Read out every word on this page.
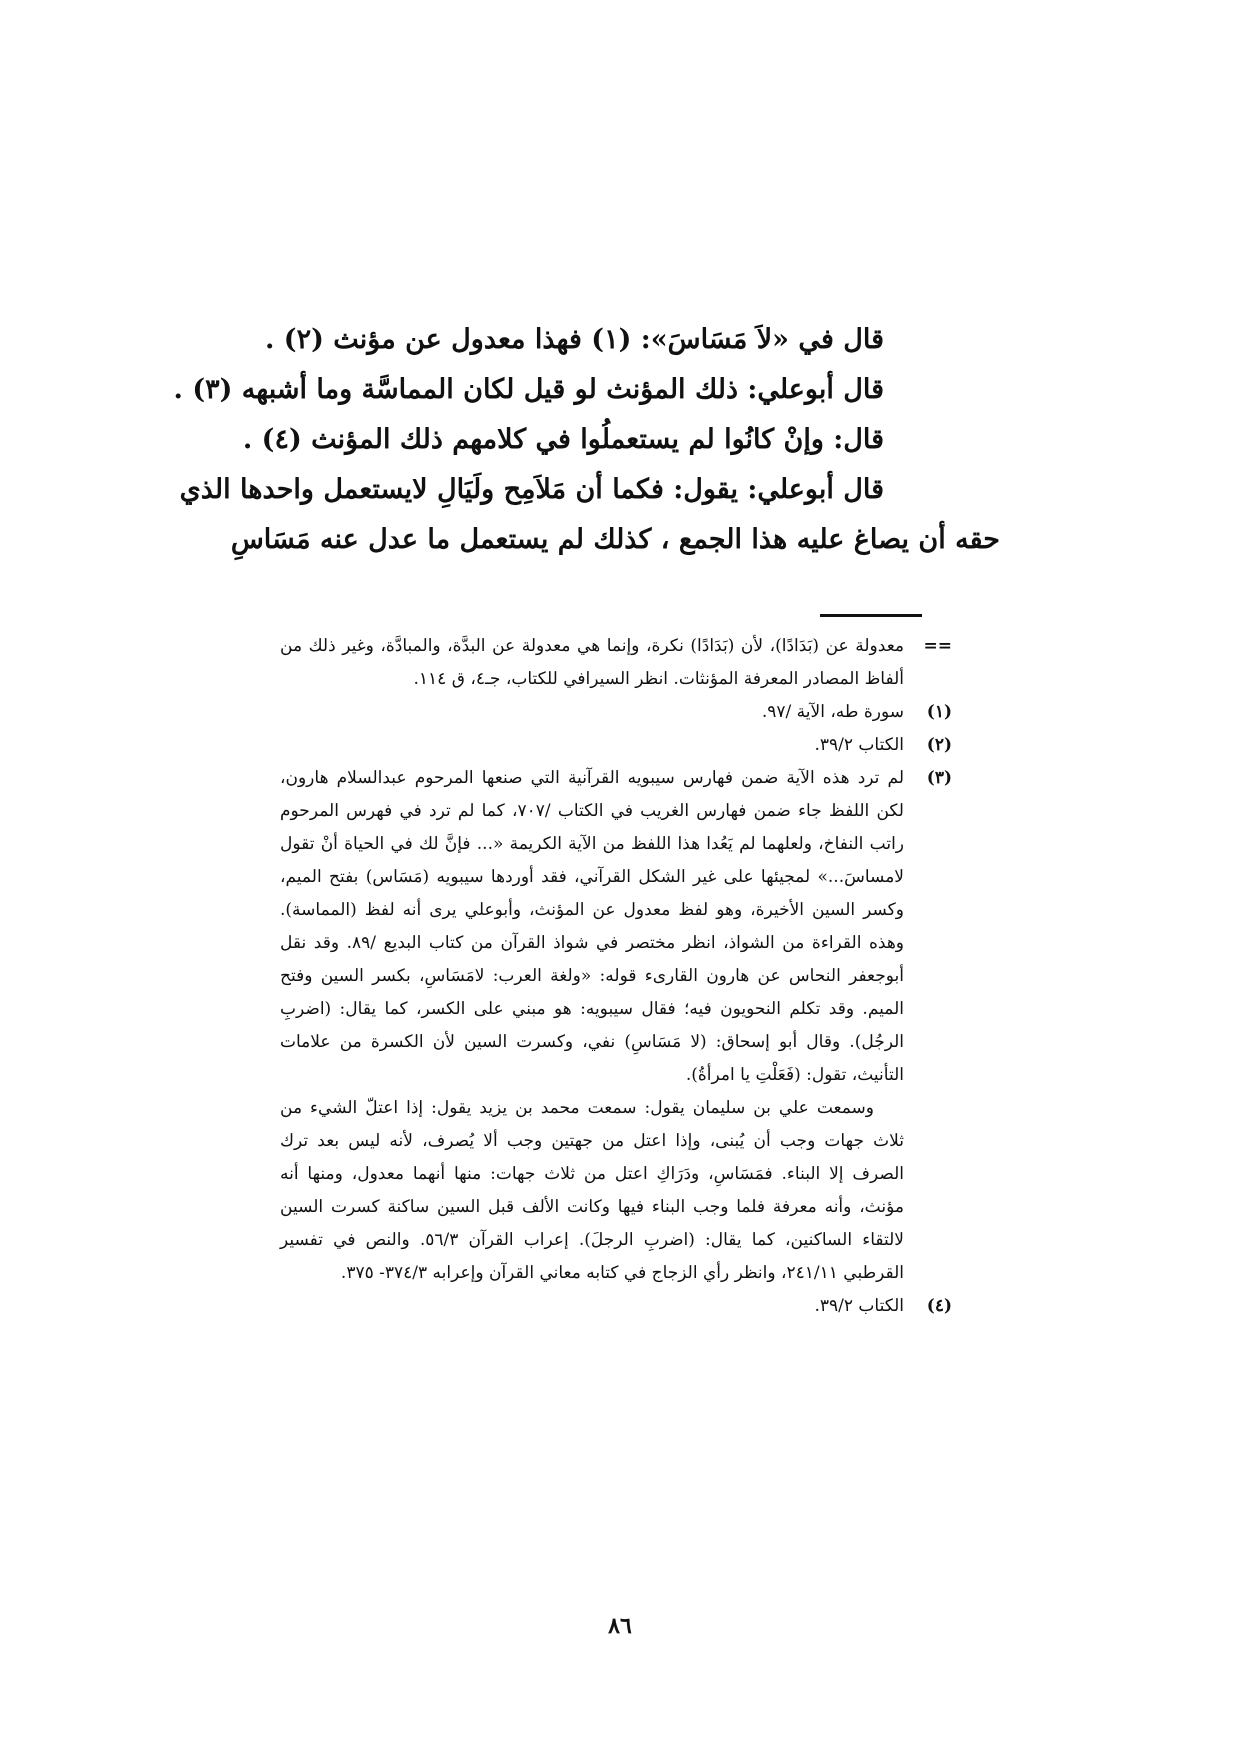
قال في «لاَ مَسَاسَ»: (١) فهذا معدول عن مؤنث (٢) .
قال أبوعلي: ذلك المؤنث لو قيل لكان المماسَّة وما أشبهه (٣) .
قال: وإنْ كانُوا لم يستعملُوا في كلامهم ذلك المؤنث (٤) .
قال أبوعلي: يقول: فكما أن مَلاَمِح ولَيَالِ لايستعمل واحدها الذي
حقه أن يصاغ عليه هذا الجمع ، كذلك لم يستعمل ما عدل عنه مَسَاسِ
==
معدولة عن (بَدَادًا)، لأن (بَدَادًا) نكرة، وإنما هي معدولة عن البدَّة، والمبادَّة، وغير ذلك من ألفاظ المصادر المعرفة المؤنثات. انظر السيرافي للكتاب، جـ٤، ق ١١٤.
(١)
سورة طه، الآية /٩٧.
(٢)
الكتاب ٣٩/٢.
(٣)
لم ترد هذه الآية ضمن فهارس سيبويه القرآنية التي صنعها المرحوم عبدالسلام هارون، لكن اللفظ جاء ضمن فهارس الغريب في الكتاب /٧٠٧، كما لم ترد في فهرس المرحوم راتب النفاخ، ولعلهما لم يَعُدا هذا اللفظ من الآية الكريمة «... فإنَّ لك في الحياة أنْ تقول لامساسَ...» لمجيئها على غير الشكل القرآني، فقد أوردها سيبويه (مَسَاس) بفتح الميم، وكسر السين الأخيرة، وهو لفظ معدول عن المؤنث، وأبوعلي يرى أنه لفظ (المماسة). وهذه القراءة من الشواذ، انظر مختصر في شواذ القرآن من كتاب البديع /٨٩. وقد نقل أبوجعفر النحاس عن هارون القارىء قوله: «ولغة العرب: لامَسَاسِ، بكسر السين وفتح الميم. وقد تكلم النحويون فيه؛ فقال سيبويه: هو مبني على الكسر، كما يقال: (اضربِ الرجُل). وقال أبو إسحاق: (لا مَسَاسِ) نفي، وكسرت السين لأن الكسرة من علامات التأنيث، تقول: (فَعَلْتِ يا امرأةُ).
وسمعت علي بن سليمان يقول: سمعت محمد بن يزيد يقول: إذا اعتلّ الشيء من ثلاث جهات وجب أن يُبنى، وإذا اعتل من جهتين وجب ألا يُصرف، لأنه ليس بعد ترك الصرف إلا البناء. فمَسَاسِ، ودَرَاكِ اعتل من ثلاث جهات: منها أنهما معدول، ومنها أنه مؤنث، وأنه معرفة فلما وجب البناء فيها وكانت الألف قبل السين ساكنة كسرت السين لالتقاء الساكنين، كما يقال: (اضربِ الرجلَ). إعراب القرآن ٥٦/٣. والنص في تفسير القرطبي ٢٤١/١١، وانظر رأي الزجاج في كتابه معاني القرآن وإعرابه ٣٧٤/٣- ٣٧٥.
(٤)
الكتاب ٣٩/٢.
٨٦
